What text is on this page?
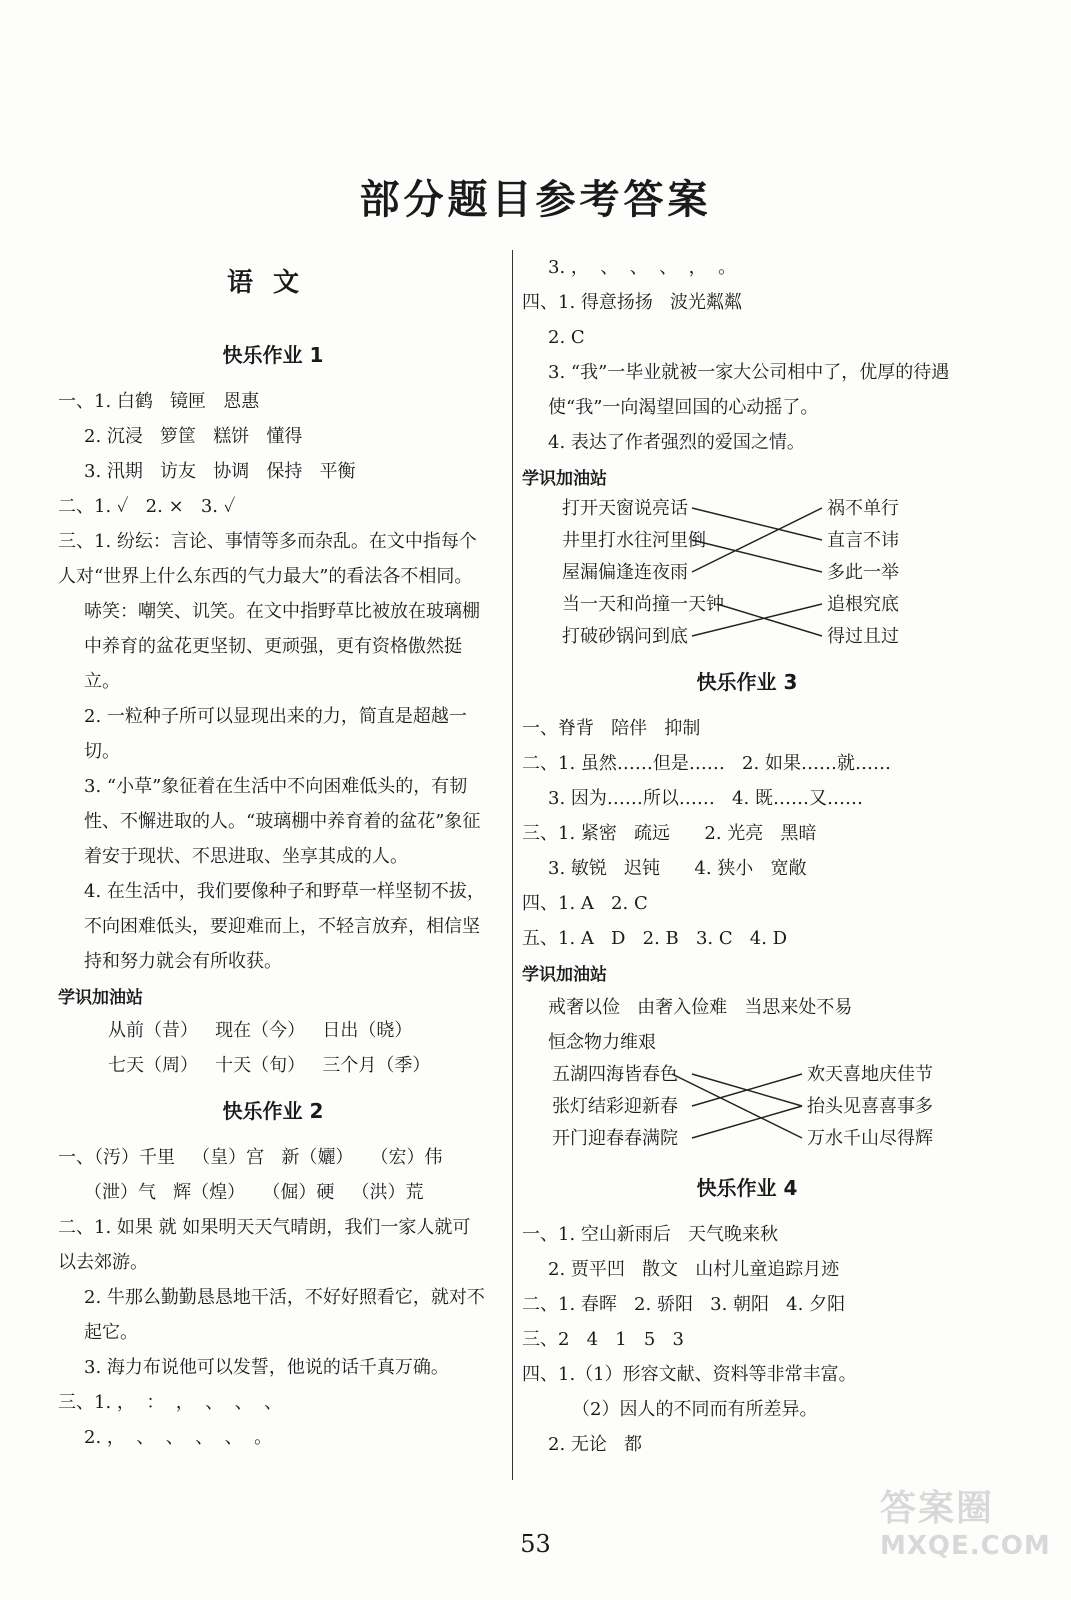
部分题目参考答案
语文
快乐作业 1
一、1. 白鹤   镜匣   恩惠
2. 沉浸   箩筐   糕饼   懂得
3. 汛期   访友   协调   保持   平衡
二、1. ✓   2. ×   3. ✓
三、1. 纷纭：言论、事情等多而杂乱。在文中指每个人对“世界上什么东西的气力最大”的看法各不相同。
哧笑：嘲笑、讥笑。在文中指野草比被放在玻璃棚中养育的盆花更坚韧、更顽强，更有资格傲然挺立。
2. 一粒种子所可以显现出来的力，简直是超越一切。
3. “小草”象征着在生活中不向困难低头的，有韧性、不懈进取的人。“玻璃棚中养育着的盆花”象征着安于现状、不思进取、坐享其成的人。
4. 在生活中，我们要像种子和野草一样坚韧不拔，不向困难低头，要迎难而上，不轻言放弃，相信坚持和努力就会有所收获。
学识加油站
从前（昔）   现在（今）   日出（晓）
七天（周）   十天（旬）   三个月（季）
快乐作业 2
一、（汚）千里   （皇）宫   新（孋）   （宏）伟
（泄）气   辉（煌）   （倔）硬   （洪）荒
二、1. 如果 就 如果明天天气晴朗，我们一家人就可以去郊游。
2. 牛那么勤勤恳恳地干活，不好好照看它，就对不起它。
3. 海力布说他可以发誓，他说的话千真万确。
三、1. ，  ：  ，  、  、  、
2. ，  、  、  、  、  。
3. ，  、  、  、  ，  。
四、1. 得意扬扬   波光粼粼
2. C
3. “我”一毕业就被一家大公司相中了，优厚的待遇使“我”一向渴望回国的心动摇了。
4. 表达了作者强烈的爱国之情。
学识加油站
打开天窗说亮话
井里打水往河里倒
屋漏偏逢连夜雨
当一天和尚撞一天钟
打破砂锅问到底
祸不单行
直言不讳
多此一举
追根究底
得过且过
快乐作业 3
一、脊背   陪伴   抑制
二、1. 虽然……但是……   2. 如果……就……
3. 因为……所以……   4. 既……又……
三、1. 紧密   疏远      2. 光亮   黑暗
3. 敏锐   迟钝      4. 狭小   宽敞
四、1. A   2. C
五、1. A   D   2. B   3. C   4. D
学识加油站
戒奢以俭   由奢入俭难   当思来处不易
恒念物力维艰
五湖四海皆春色
张灯结彩迎新春
开门迎春春满院
欢天喜地庆佳节
抬头见喜喜事多
万水千山尽得辉
快乐作业 4
一、1. 空山新雨后   天气晚来秋
2. 贾平凹   散文   山村儿童追踪月迹
二、1. 春晖   2. 骄阳   3. 朝阳   4. 夕阳
三、2   4   1   5   3
四、1.（1）形容文献、资料等非常丰富。
（2）因人的不同而有所差异。
2. 无论   都
53
答案圈
MXQE.COM
